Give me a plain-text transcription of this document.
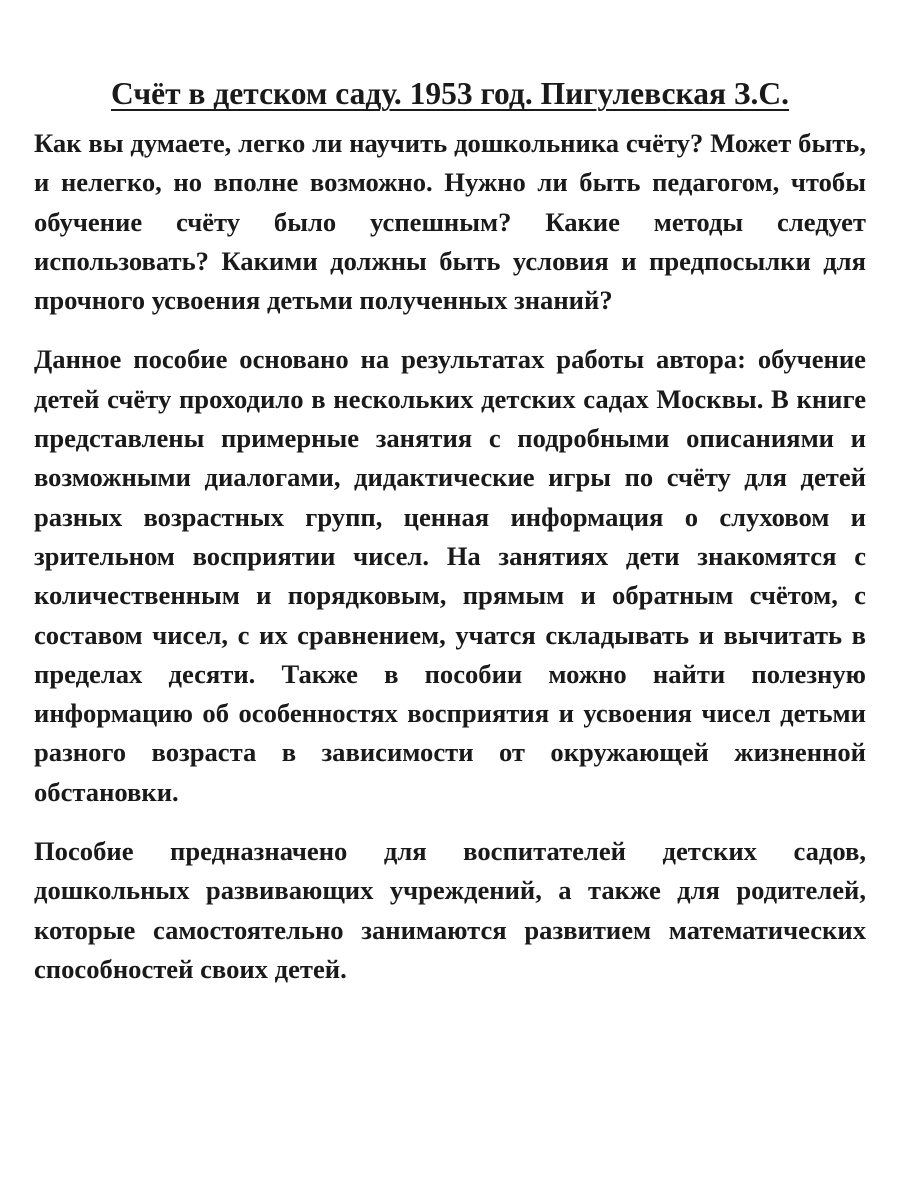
Счёт в детском саду. 1953 год. Пигулевская З.С.

Как вы думаете, легко ли научить дошкольника счёту? Может быть, и нелегко, но вполне возможно. Нужно ли быть педагогом, чтобы обучение счёту было успешным? Какие методы следует использовать? Какими должны быть условия и предпосылки для прочного усвоения детьми полученных знаний?

Данное пособие основано на результатах работы автора: обучение детей счёту проходило в нескольких детских садах Москвы. В книге представлены примерные занятия с подробными описаниями и возможными диалогами, дидактические игры по счёту для детей разных возрастных групп, ценная информация о слуховом и зрительном восприятии чисел. На занятиях дети знакомятся с количественным и порядковым, прямым и обратным счётом, с составом чисел, с их сравнением, учатся складывать и вычитать в пределах десяти. Также в пособии можно найти полезную информацию об особенностях восприятия и усвоения чисел детьми разного возраста в зависимости от окружающей жизненной обстановки.

Пособие предназначено для воспитателей детских садов, дошкольных развивающих учреждений, а также для родителей, которые самостоятельно занимаются развитием математических способностей своих детей.
